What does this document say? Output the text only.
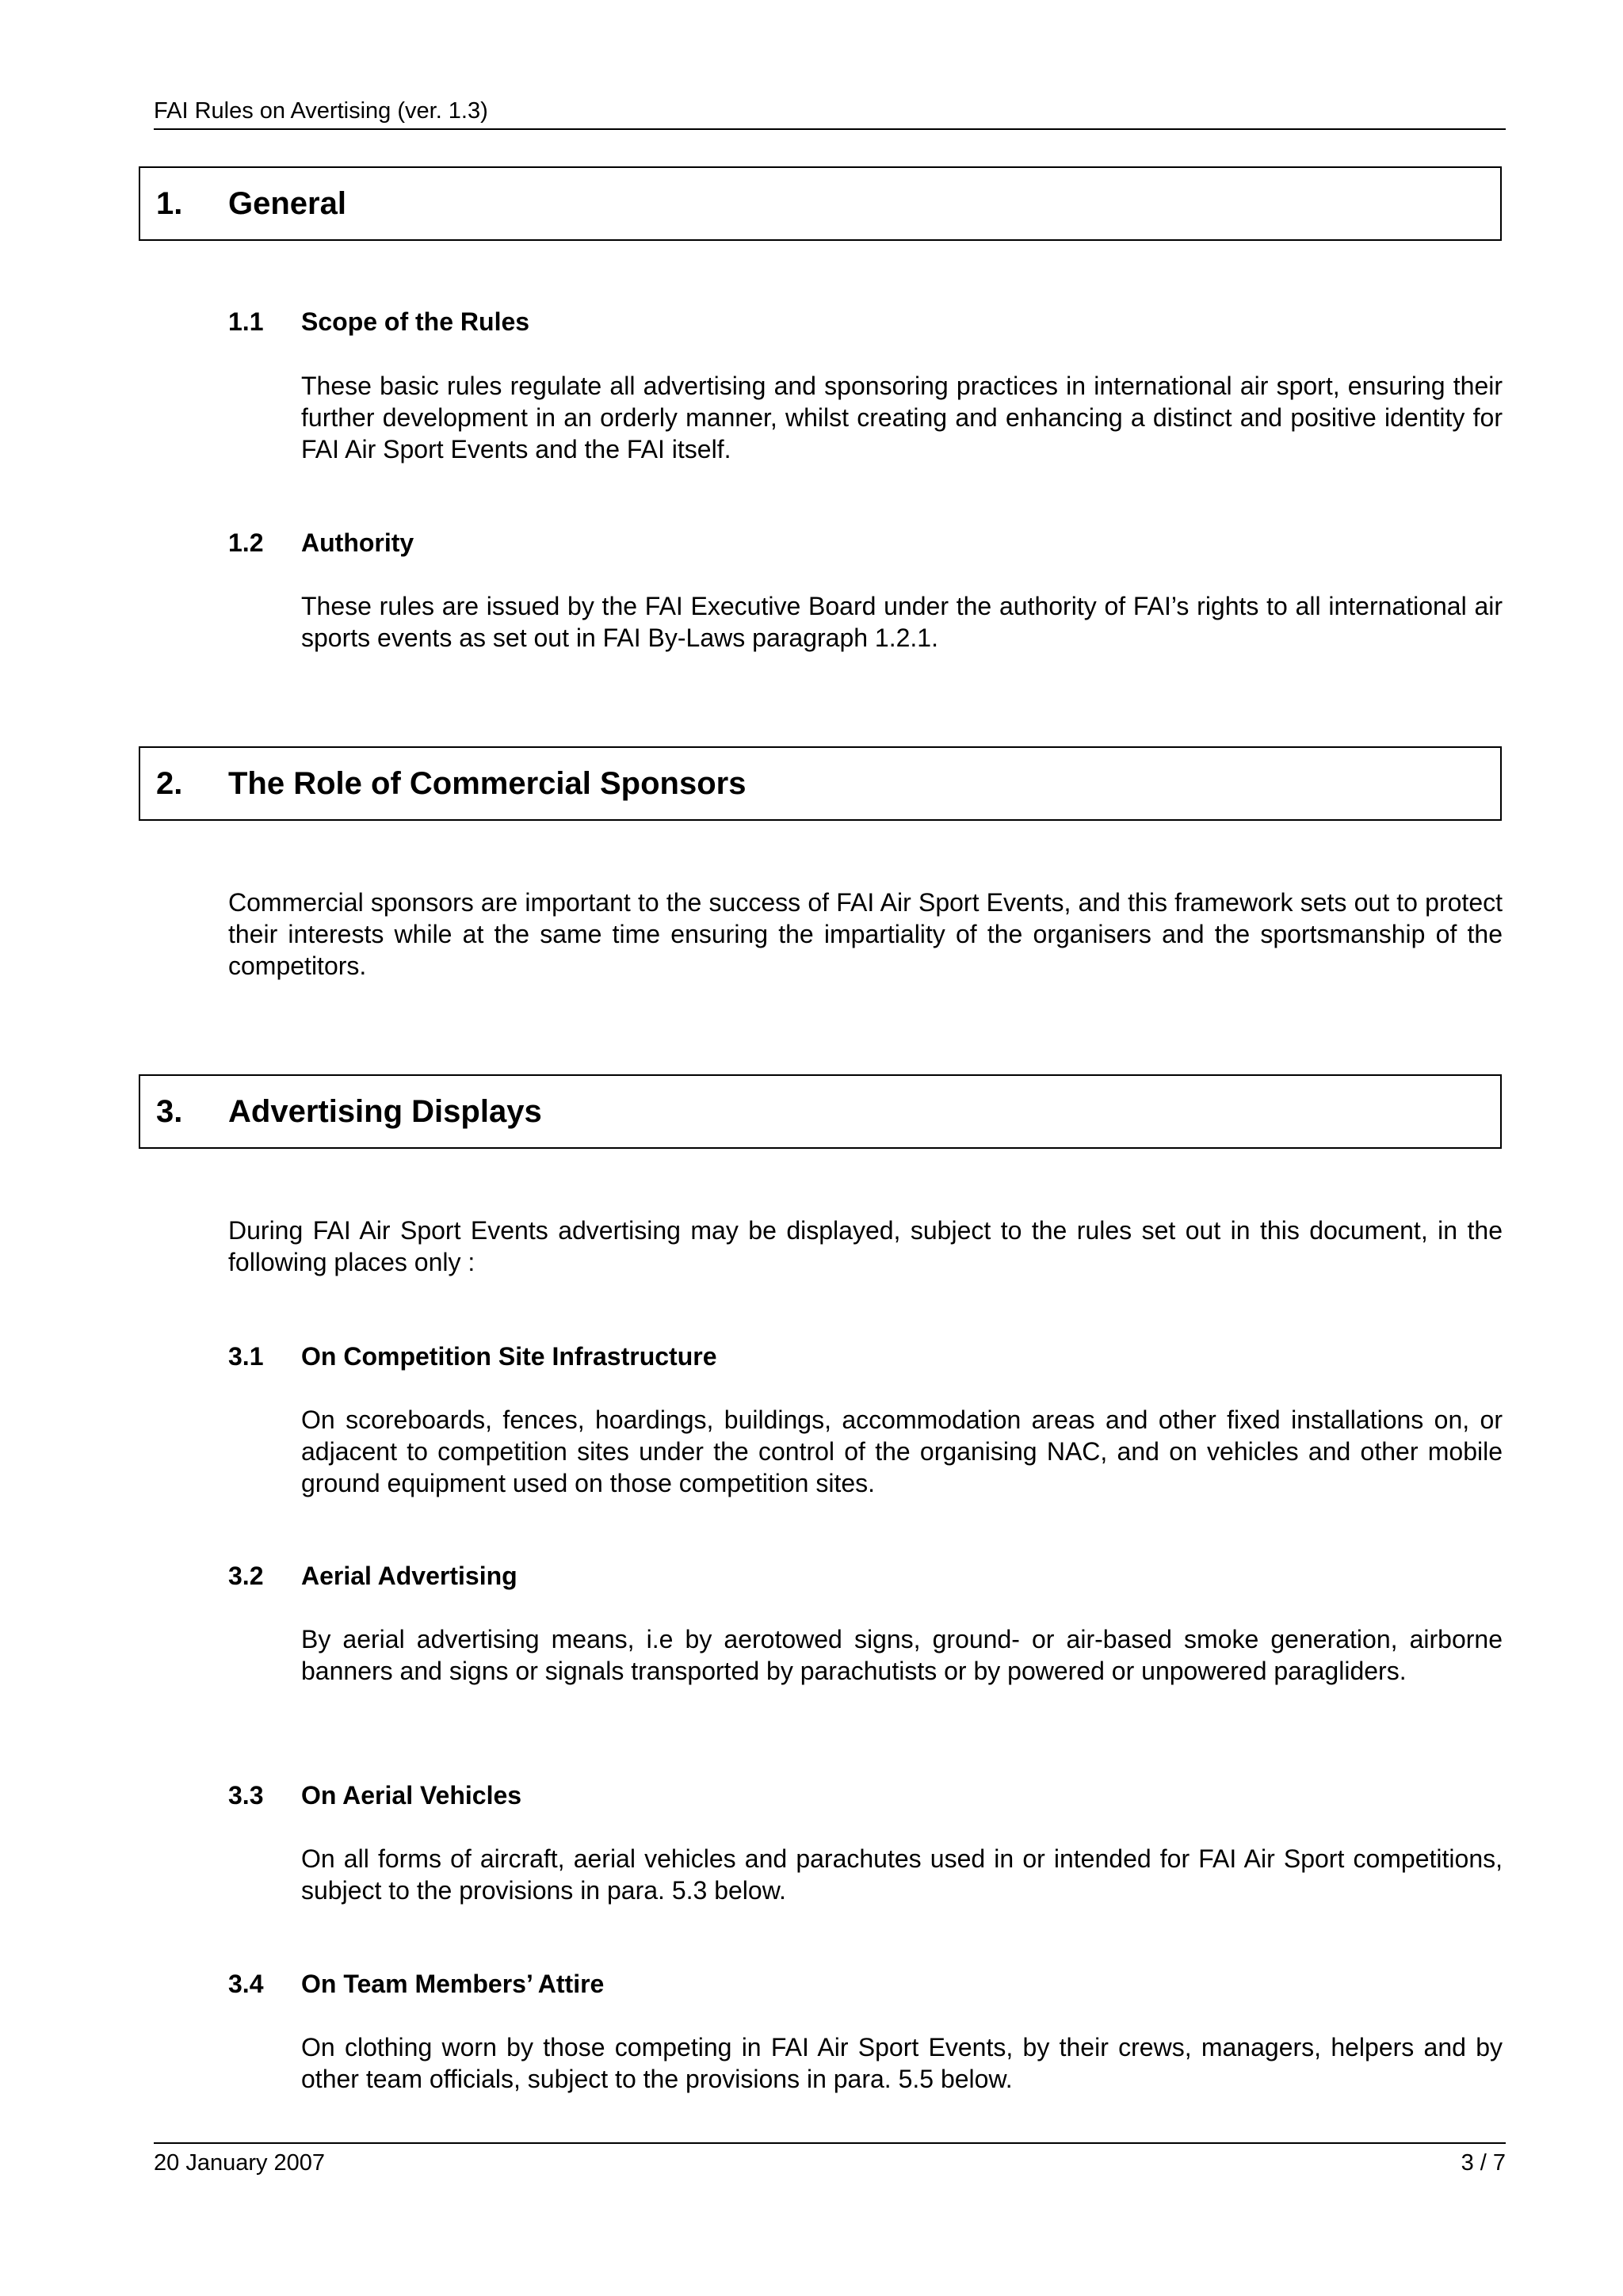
FAI Rules on Avertising (ver. 1.3)
1. General
1.1 Scope of the Rules

These basic rules regulate all advertising and sponsoring practices in international air sport, ensuring their further development in an orderly manner, whilst creating and enhancing a distinct and positive identity for FAI Air Sport Events and the FAI itself.

1.2 Authority

These rules are issued by the FAI Executive Board under the authority of FAI’s rights to all international air sports events as set out in FAI By-Laws paragraph 1.2.1.

2. The Role of Commercial Sponsors

Commercial sponsors are important to the success of FAI Air Sport Events, and this framework sets out to protect their interests while at the same time ensuring the impartiality of the organisers and the sportsmanship of the competitors.

3. Advertising Displays

During FAI Air Sport Events advertising may be displayed, subject to the rules set out in this document, in the following places only :

3.1 On Competition Site Infrastructure

On scoreboards, fences, hoardings, buildings, accommodation areas and other fixed installations on, or adjacent to competition sites under the control of the organising NAC, and on vehicles and other mobile ground equipment used on those competition sites.

3.2 Aerial Advertising

By aerial advertising means, i.e by aerotowed signs, ground- or air-based smoke generation, airborne banners and signs or signals transported by parachutists or by powered or unpowered paragliders.

3.3 On Aerial Vehicles

On all forms of aircraft, aerial vehicles and parachutes used in or intended for FAI Air Sport competitions, subject to the provisions in para. 5.3 below.

3.4 On Team Members’ Attire

On clothing worn by those competing in FAI Air Sport Events, by their crews, managers, helpers and by other team officials, subject to the provisions in para. 5.5 below.

20 January 2007	3 / 7
